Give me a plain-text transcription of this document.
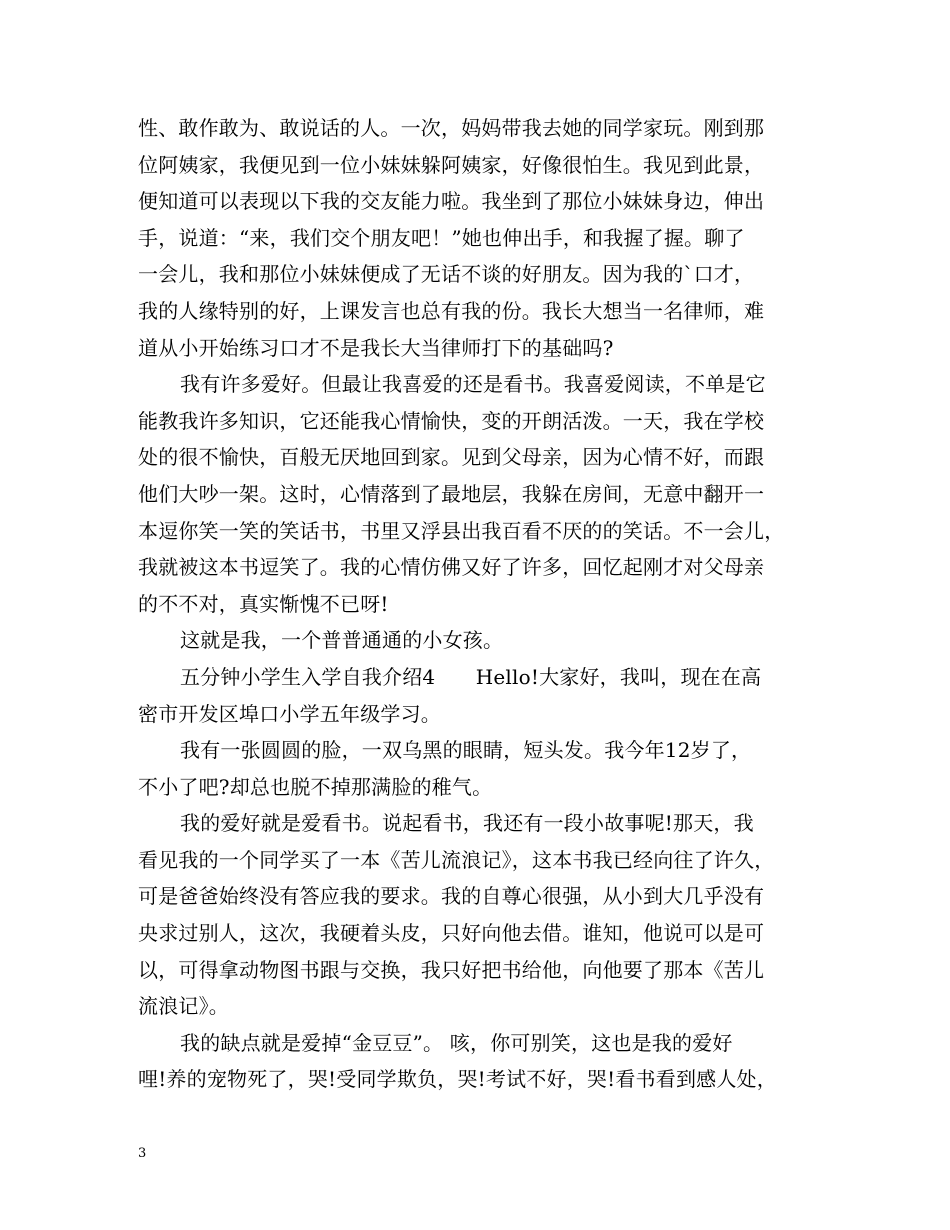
性、敢作敢为、敢说话的人。一次，妈妈带我去她的同学家玩。刚到那
位阿姨家，我便见到一位小妹妹躲阿姨家，好像很怕生。我见到此景，
便知道可以表现以下我的交友能力啦。我坐到了那位小妹妹身边，伸出
手，说道：“来，我们交个朋友吧！”她也伸出手，和我握了握。聊了
一会儿，我和那位小妹妹便成了无话不谈的好朋友。因为我的`口才，
我的人缘特别的好，上课发言也总有我的份。我长大想当一名律师，难
道从小开始练习口才不是我长大当律师打下的基础吗?
我有许多爱好。但最让我喜爱的还是看书。我喜爱阅读，不单是它
能教我许多知识，它还能我心情愉快，变的开朗活泼。一天，我在学校
处的很不愉快，百般无厌地回到家。见到父母亲，因为心情不好，而跟
他们大吵一架。这时，心情落到了最地层，我躲在房间，无意中翻开一
本逗你笑一笑的笑话书，书里又浮县出我百看不厌的的笑话。不一会儿，
我就被这本书逗笑了。我的心情仿佛又好了许多，回忆起刚才对父母亲
的不不对，真实惭愧不已呀!
这就是我，一个普普通通的小女孩。
五分钟小学生入学自我介绍4　　Hello!大家好，我叫，现在在高
密市开发区埠口小学五年级学习。
我有一张圆圆的脸，一双乌黑的眼睛，短头发。我今年12岁了，
不小了吧?却总也脱不掉那满脸的稚气。
我的爱好就是爱看书。说起看书，我还有一段小故事呢!那天，我
看见我的一个同学买了一本《苦儿流浪记》，这本书我已经向往了许久，
可是爸爸始终没有答应我的要求。我的自尊心很强，从小到大几乎没有
央求过别人，这次，我硬着头皮，只好向他去借。谁知，他说可以是可
以，可得拿动物图书跟与交换，我只好把书给他，向他要了那本《苦儿
流浪记》。
我的缺点就是爱掉“金豆豆”。 咳，你可别笑，这也是我的爱好
哩!养的宠物死了，哭!受同学欺负，哭!考试不好，哭!看书看到感人处，
3
